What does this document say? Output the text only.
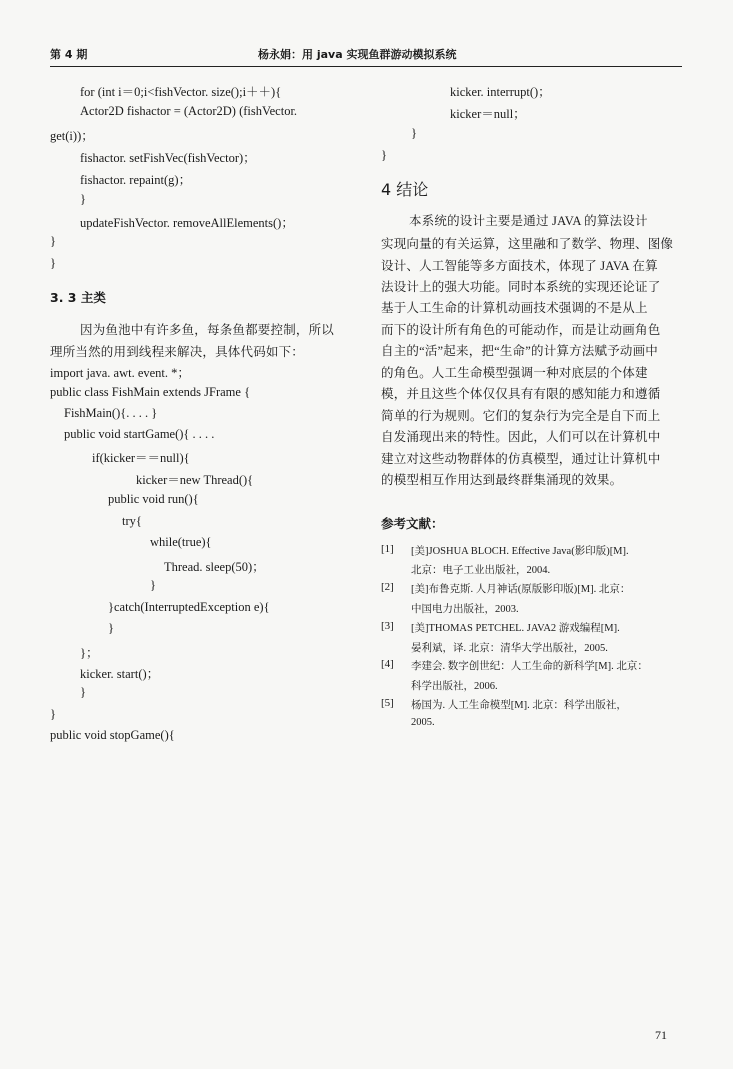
第 4 期	杨永娟：用 java 实现鱼群游动模拟系统
for (int i＝0;i<fishVector. size();i＋＋){
Actor2D fishactor = (Actor2D) (fishVector.
get(i))；
fishactor. setFishVec(fishVector)；
fishactor. repaint(g)；
}
updateFishVector. removeAllElements()；
}
}
3. 3 主类
因为鱼池中有许多鱼，每条鱼都要控制，所以
理所当然的用到线程来解决，具体代码如下：
import java. awt. event. *；
public class FishMain extends JFrame {
FishMain(){. . . . }
public void startGame(){ . . . .
if(kicker＝＝null){
kicker＝new Thread(){
public void run(){
try{
while(true){
Thread. sleep(50)；
}
}catch(InterruptedException e){
}
}；
kicker. start()；
}
}
public void stopGame(){
kicker. interrupt()；
kicker＝null；
}
}
4 结论
本系统的设计主要是通过 JAVA 的算法设计
实现向量的有关运算，这里融和了数学、物理、图像
设计、人工智能等多方面技术，体现了 JAVA 在算
法设计上的强大功能。同时本系统的实现还论证了
基于人工生命的计算机动画技术强调的不是从上
而下的设计所有角色的可能动作，而是让动画角色
自主的“活”起来，把“生命”的计算方法赋予动画中
的角色。人工生命模型强调一种对底层的个体建
模，并且这些个体仅仅具有有限的感知能力和遵循
简单的行为规则。它们的复杂行为完全是自下而上
自发涌现出来的特性。因此，人们可以在计算机中
建立对这些动物群体的仿真模型，通过让计算机中
的模型相互作用达到最终群集涌现的效果。
参考文献：
[1] [美]JOSHUA BLOCH. Effective Java(影印版)[M].
北京：电子工业出版社，2004.
[2] [美]布鲁克斯. 人月神话(原版影印版)[M]. 北京：
中国电力出版社，2003.
[3] [美]THOMAS PETCHEL. JAVA2 游戏编程[M].
晏利斌，译. 北京：清华大学出版社，2005.
[4] 李建会. 数字创世纪：人工生命的新科学[M]. 北京：
科学出版社，2006.
[5] 杨国为. 人工生命模型[M]. 北京：科学出版社，
2005.
71
